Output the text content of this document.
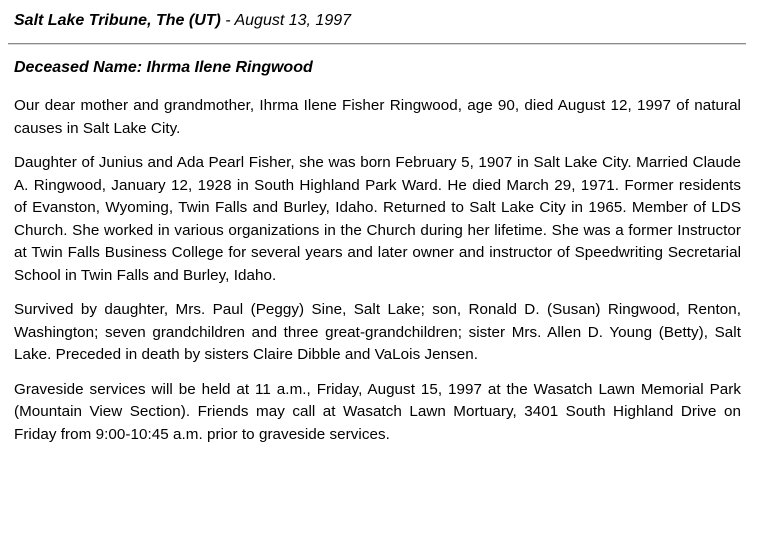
Salt Lake Tribune, The (UT) - August 13, 1997
Deceased Name: Ihrma Ilene Ringwood

Our dear mother and grandmother, Ihrma Ilene Fisher Ringwood, age 90, died August 12, 1997 of natural causes in Salt Lake City.

Daughter of Junius and Ada Pearl Fisher, she was born February 5, 1907 in Salt Lake City. Married Claude A. Ringwood, January 12, 1928 in South Highland Park Ward. He died March 29, 1971. Former residents of Evanston, Wyoming, Twin Falls and Burley, Idaho. Returned to Salt Lake City in 1965. Member of LDS Church. She worked in various organizations in the Church during her lifetime. She was a former Instructor at Twin Falls Business College for several years and later owner and instructor of Speedwriting Secretarial School in Twin Falls and Burley, Idaho.

Survived by daughter, Mrs. Paul (Peggy) Sine, Salt Lake; son, Ronald D. (Susan) Ringwood, Renton, Washington; seven grandchildren and three great-grandchildren; sister Mrs. Allen D. Young (Betty), Salt Lake. Preceded in death by sisters Claire Dibble and VaLois Jensen.

Graveside services will be held at 11 a.m., Friday, August 15, 1997 at the Wasatch Lawn Memorial Park (Mountain View Section). Friends may call at Wasatch Lawn Mortuary, 3401 South Highland Drive on Friday from 9:00-10:45 a.m. prior to graveside services.
